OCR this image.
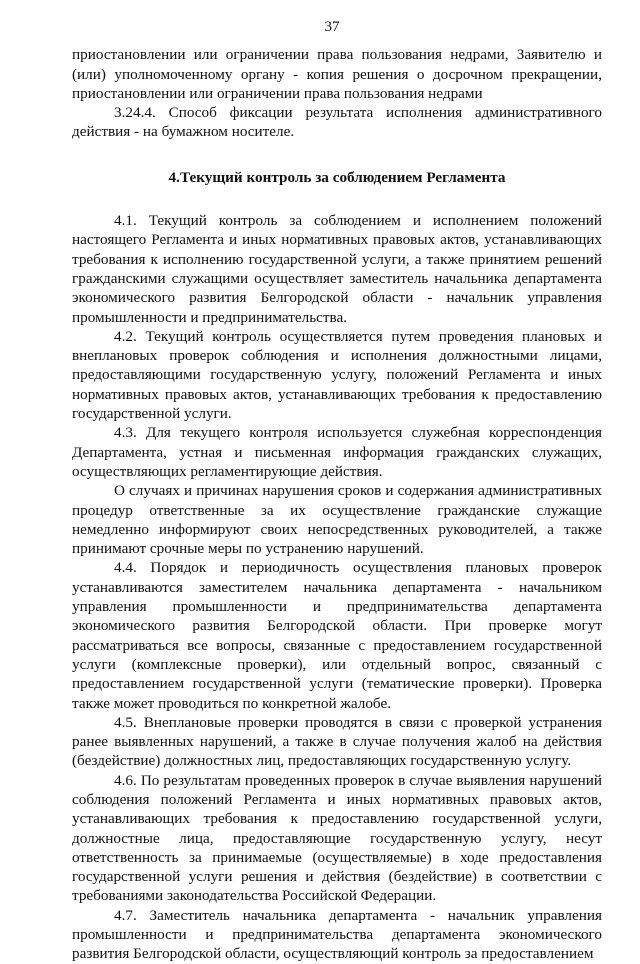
37

приостановлении или ограничении права пользования недрами, Заявителю и (или) уполномоченному органу - копия решения о досрочном прекращении, приостановлении или ограничении права пользования недрами

3.24.4. Способ фиксации результата исполнения административного действия - на бумажном носителе.

4.Текущий контроль за соблюдением Регламента

4.1. Текущий контроль за соблюдением и исполнением положений настоящего Регламента и иных нормативных правовых актов, устанавливающих требования к исполнению государственной услуги, а также принятием решений гражданскими служащими осуществляет заместитель начальника департамента экономического развития Белгородской области - начальник управления промышленности и предпринимательства.

4.2. Текущий контроль осуществляется путем проведения плановых и внеплановых проверок соблюдения и исполнения должностными лицами, предоставляющими государственную услугу, положений Регламента и иных нормативных правовых актов, устанавливающих требования к предоставлению государственной услуги.

4.3. Для текущего контроля используется служебная корреспонденция Департамента, устная и письменная информация гражданских служащих, осуществляющих регламентирующие действия.

О случаях и причинах нарушения сроков и содержания административных процедур ответственные за их осуществление гражданские служащие немедленно информируют своих непосредственных руководителей, а также принимают срочные меры по устранению нарушений.

4.4. Порядок и периодичность осуществления плановых проверок устанавливаются заместителем начальника департамента - начальником управления промышленности и предпринимательства департамента экономического развития Белгородской области. При проверке могут рассматриваться все вопросы, связанные с предоставлением государственной услуги (комплексные проверки), или отдельный вопрос, связанный с предоставлением государственной услуги (тематические проверки). Проверка также может проводиться по конкретной жалобе.

4.5. Внеплановые проверки проводятся в связи с проверкой устранения ранее выявленных нарушений, а также в случае получения жалоб на действия (бездействие) должностных лиц, предоставляющих государственную услугу.

4.6. По результатам проведенных проверок в случае выявления нарушений соблюдения положений Регламента и иных нормативных правовых актов, устанавливающих требования к предоставлению государственной услуги, должностные лица, предоставляющие государственную услугу, несут ответственность за принимаемые (осуществляемые) в ходе предоставления государственной услуги решения и действия (бездействие) в соответствии с требованиями законодательства Российской Федерации.

4.7. Заместитель начальника департамента - начальник управления промышленности и предпринимательства департамента экономического развития Белгородской области, осуществляющий контроль за предоставлением
